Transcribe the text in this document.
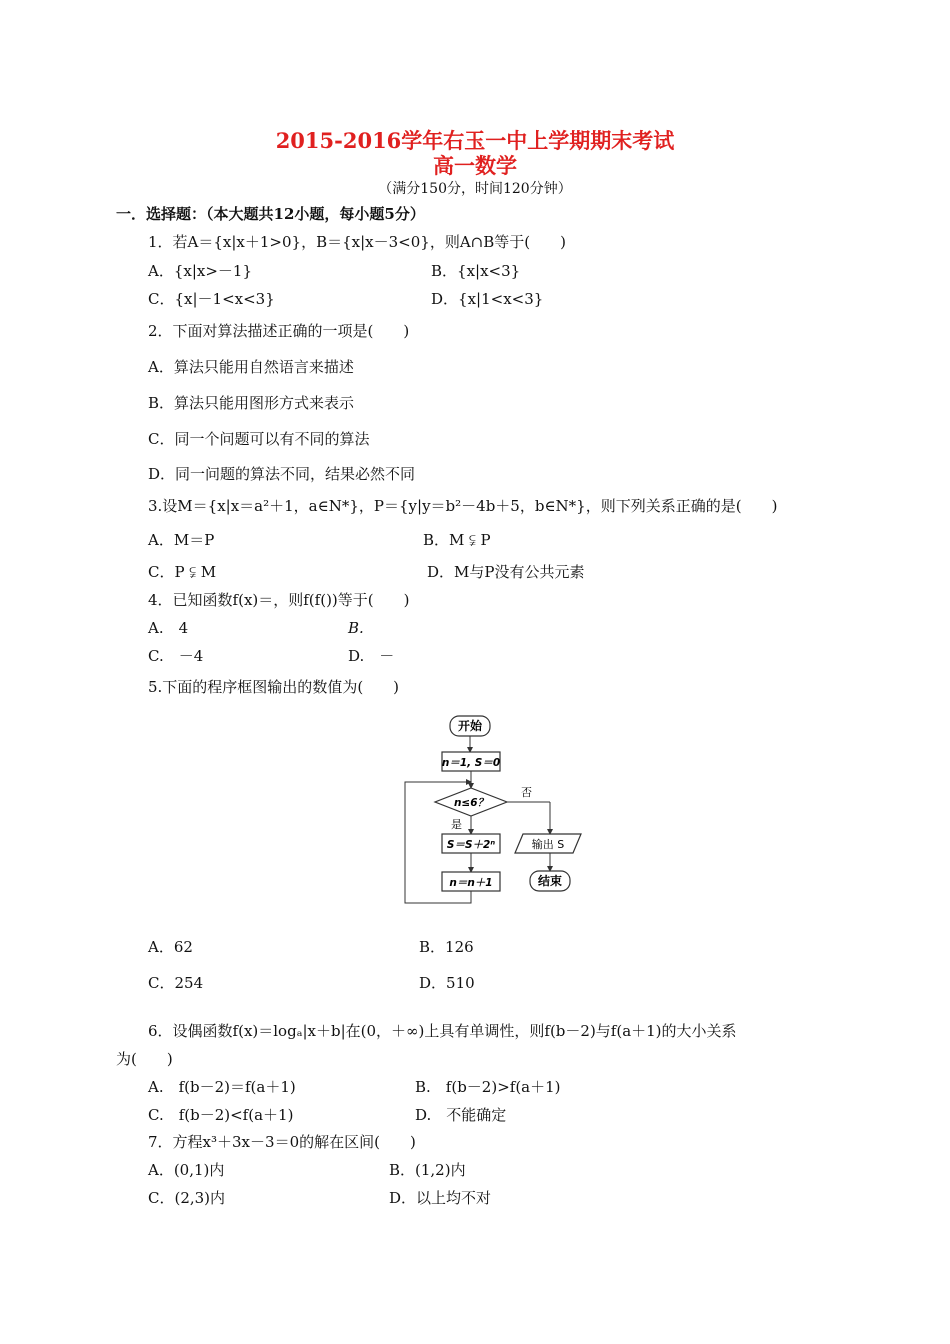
2015-2016学年右玉一中上学期期末考试
高一数学
（满分150分，时间120分钟）
一．选择题：（本大题共12小题，每小题5分）
1．若A＝{x|x＋1>0}，B＝{x|x－3<0}，则A∩B等于(　　)
A．{x|x>－1}	B．{x|x<3}
C．{x|－1<x<3}	D．{x|1<x<3}
2．下面对算法描述正确的一项是(　　)
A．算法只能用自然语言来描述
B．算法只能用图形方式来表示
C．同一个问题可以有不同的算法
D．同一问题的算法不同，结果必然不同
3.设M＝{x|x＝a²＋1，a∈N*}，P＝{y|y＝b²－4b＋5，b∈N*}，则下列关系正确的是(　　)
A．M＝P	B．M ⫋ P
C．P ⫋ M	D．M与P没有公共元素
4．已知函数f(x)＝，则f(f())等于(　　)
A.　4	B.
C.　－4	D.　－
5.下面的程序框图输出的数值为(　　)
开始
n＝1, S＝0
n≤6？
否
是
S＝S＋2ⁿ
n＝n＋1
输出 S
结束
A．62	B．126
C．254	D．510
6．设偶函数f(x)＝logₐ|x＋b|在(0，＋∞)上具有单调性，则f(b－2)与f(a＋1)的大小关系
为(　　)
A.　f(b－2)＝f(a＋1)	B.　f(b－2)>f(a＋1)
C.　f(b－2)<f(a＋1)	D.　不能确定
7．方程x³＋3x－3＝0的解在区间(　　)
A．(0,1)内	B．(1,2)内
C．(2,3)内	D．以上均不对
